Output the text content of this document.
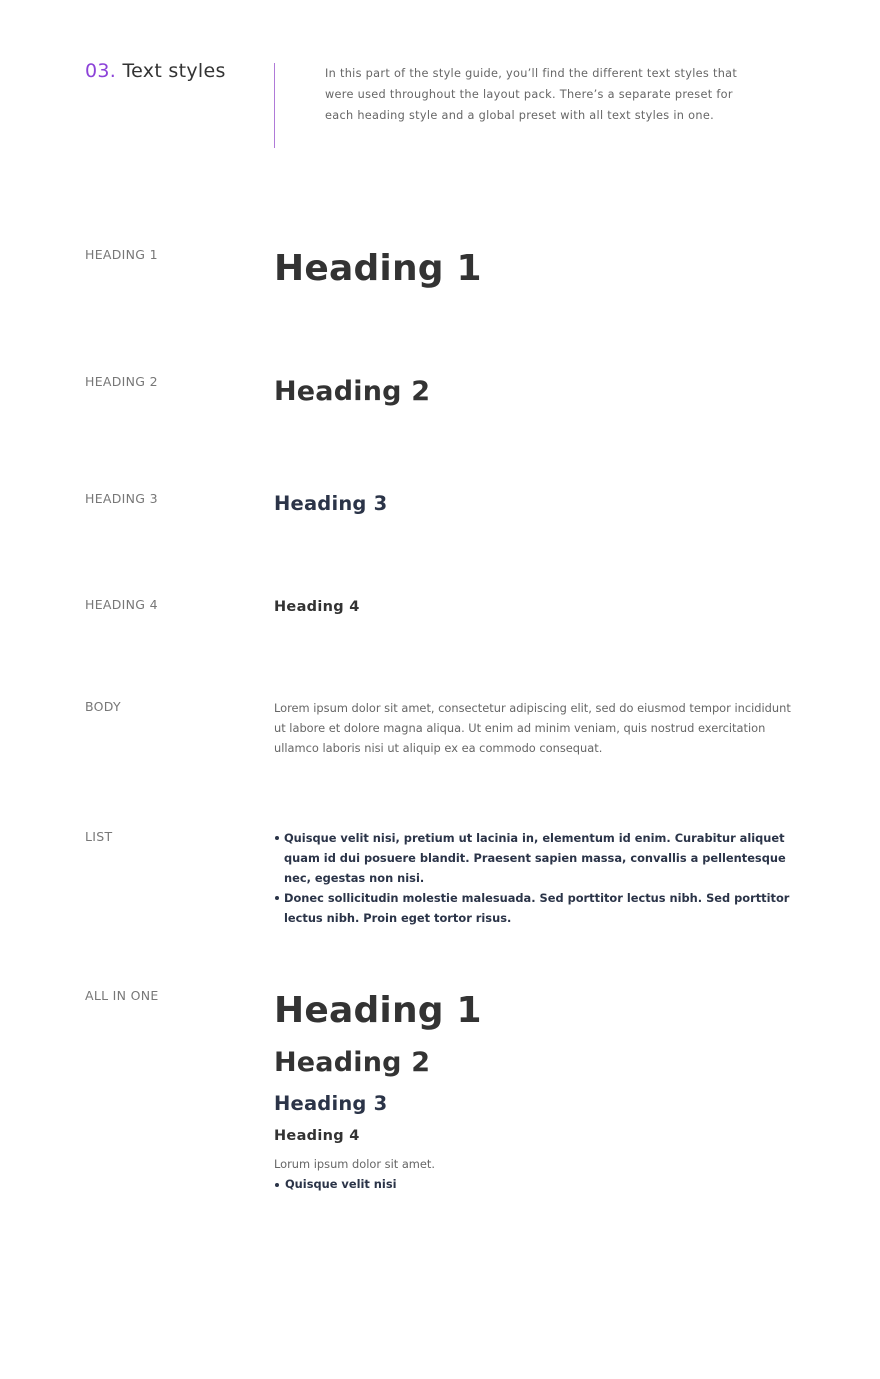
03. Text styles	In this part of the style guide, you’ll find the different text styles that were used throughout the layout pack. There’s a separate preset for each heading style and a global preset with all text styles in one.
HEADING 1	Heading 1
HEADING 2	Heading 2
HEADING 3	Heading 3
HEADING 4	Heading 4
BODY	Lorem ipsum dolor sit amet, consectetur adipiscing elit, sed do eiusmod tempor incididunt ut labore et dolore magna aliqua. Ut enim ad minim veniam, quis nostrud exercitation ullamco laboris nisi ut aliquip ex ea commodo consequat.
LIST	Quisque velit nisi, pretium ut lacinia in, elementum id enim. Curabitur aliquet quam id dui posuere blandit. Praesent sapien massa, convallis a pellentesque nec, egestas non nisi.
Donec sollicitudin molestie malesuada. Sed porttitor lectus nibh. Sed porttitor lectus nibh. Proin eget tortor risus.
ALL IN ONE	Heading 1
Heading 2
Heading 3
Heading 4
Lorum ipsum dolor sit amet.
Quisque velit nisi
